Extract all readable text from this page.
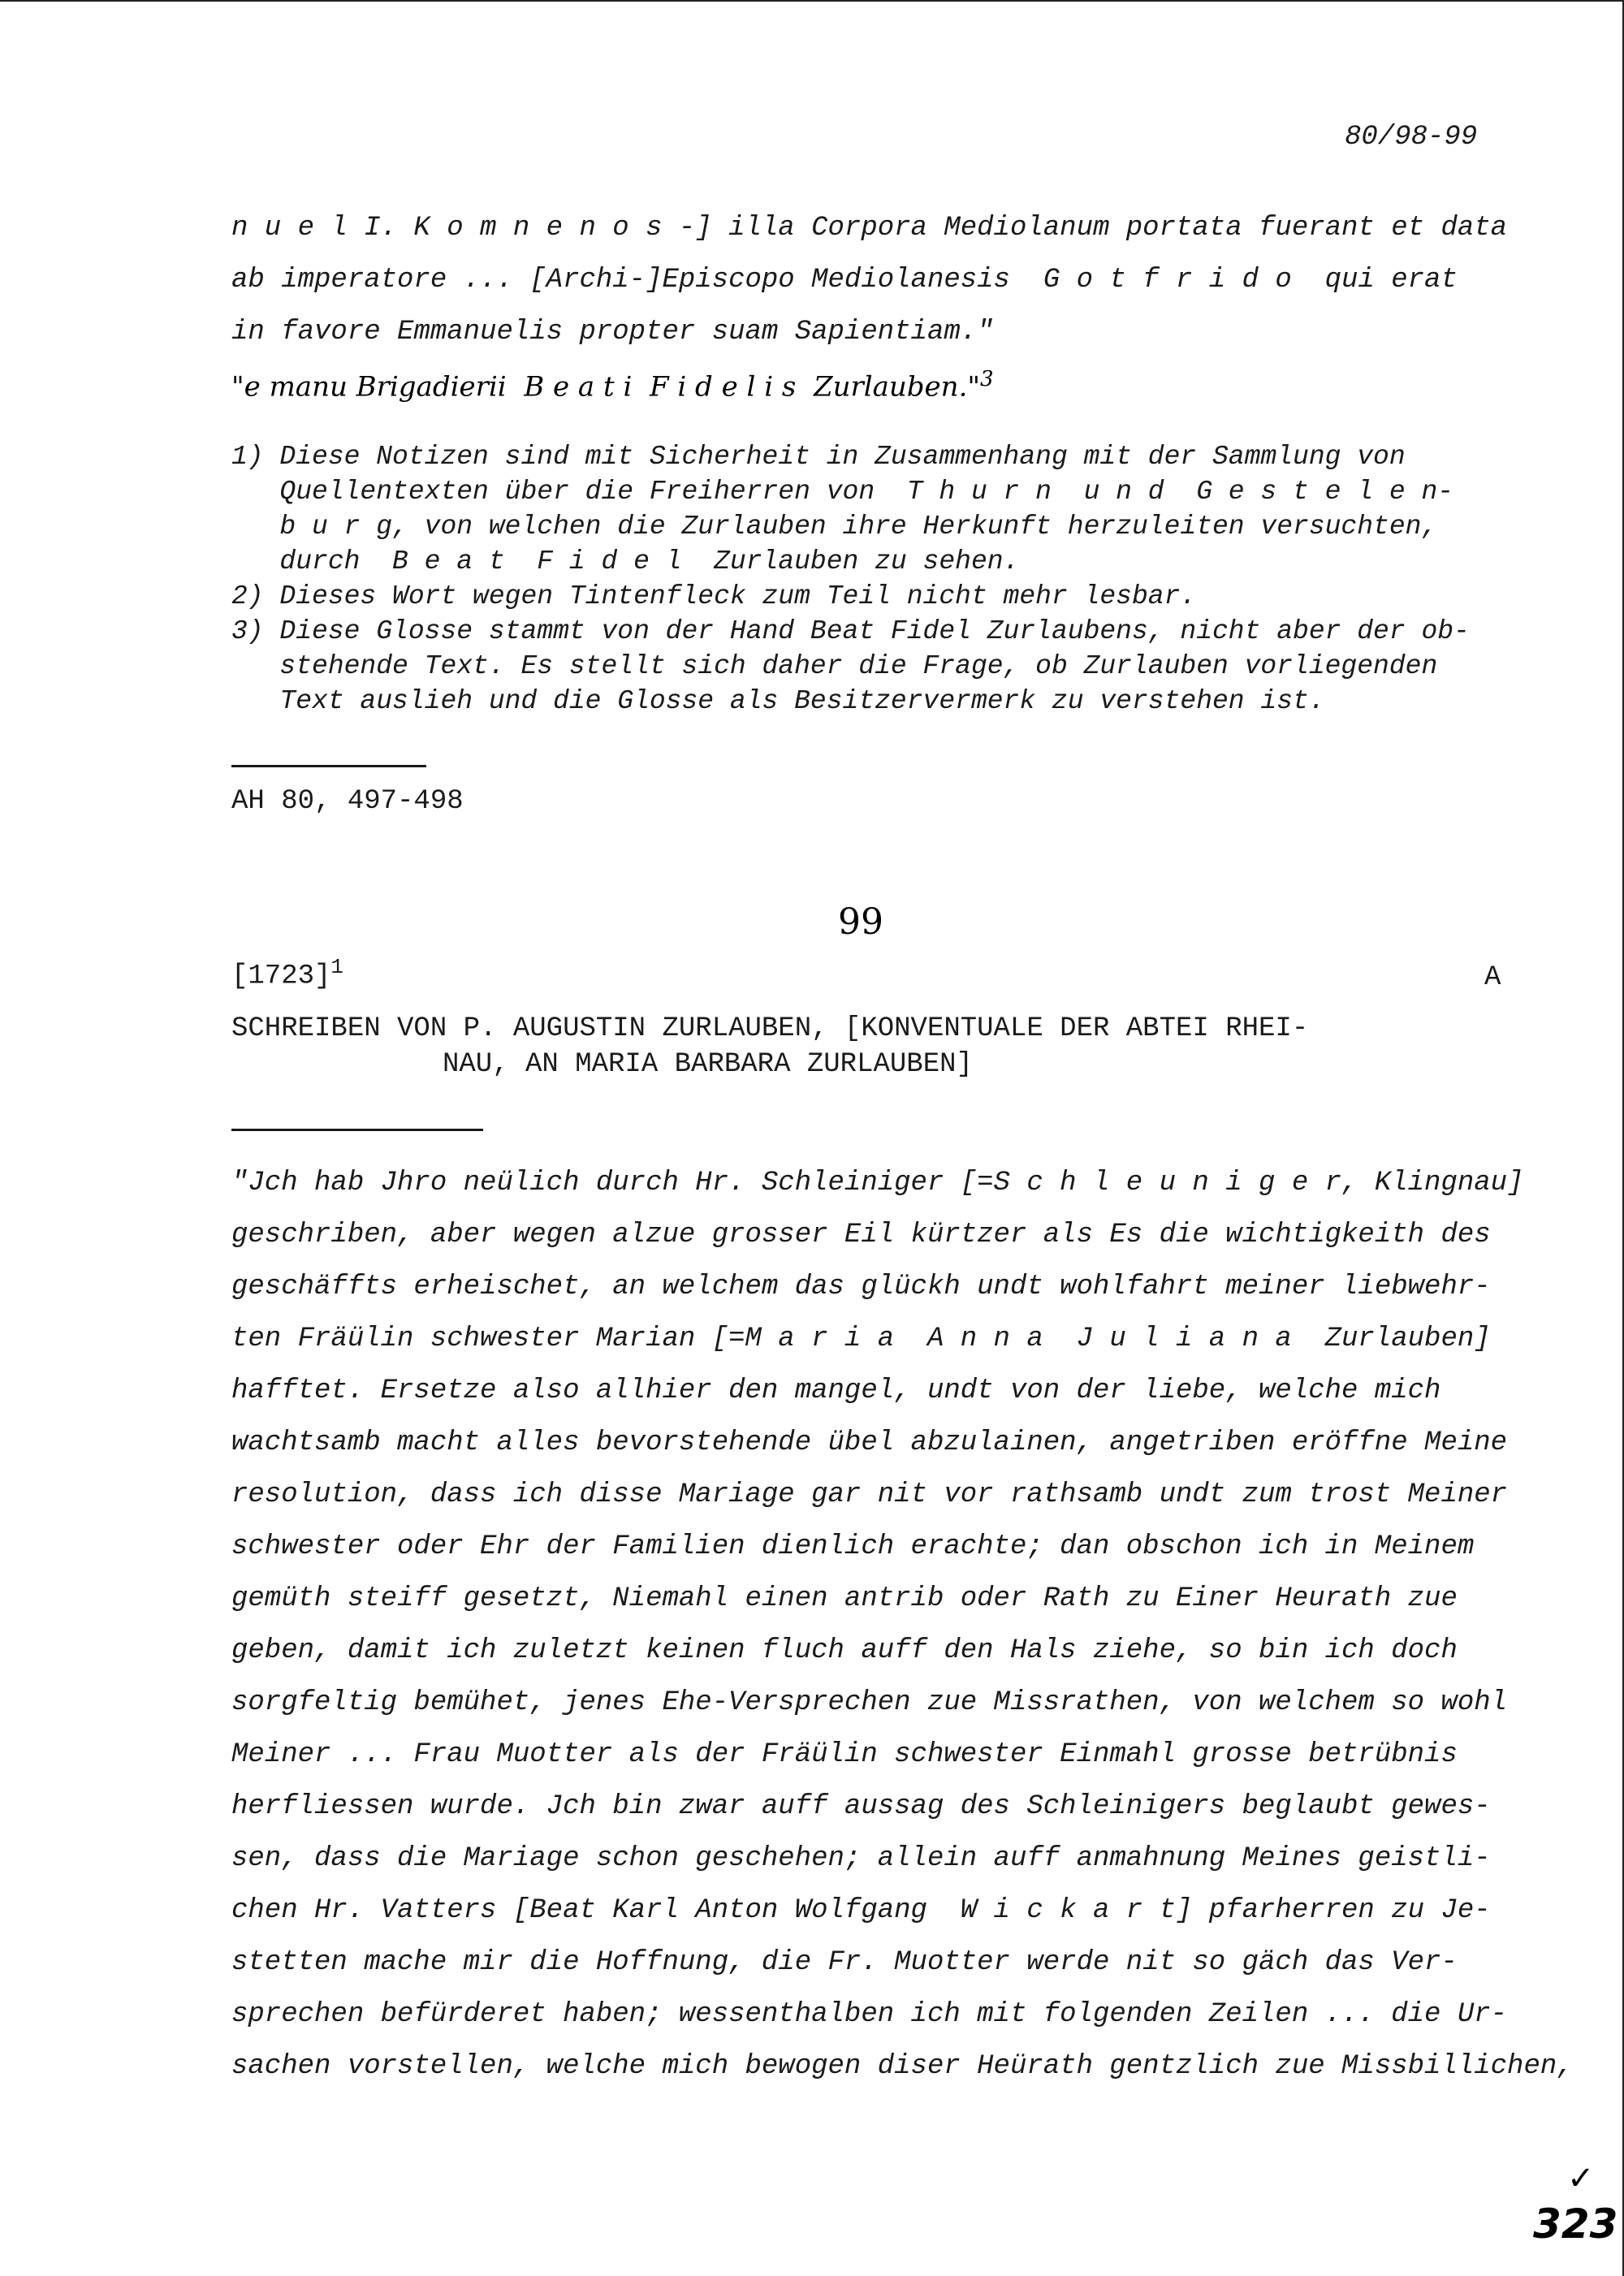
80/98-99
n u e l I. K o m n e n o s -] illa Corpora Mediolanum portata fuerant et data
ab imperatore ... [Archi-]Episcopo Mediolanesis  G o t f r i d o  qui erat
in favore Emmanuelis propter suam Sapientiam."
"e manu Brigadierii  B e a t i  F i d e l i s  Zurlauben."$^3$
1) Diese Notizen sind mit Sicherheit in Zusammenhang mit der Sammlung von
Quellentexten über die Freiherren von  T h u r n  u n d  G e s t e l e n-
b u r g, von welchen die Zurlauben ihre Herkunft herzuleiten versuchten,
durch  B e a t  F i d e l  Zurlauben zu sehen.
2) Dieses Wort wegen Tintenfleck zum Teil nicht mehr lesbar.
3) Diese Glosse stammt von der Hand Beat Fidel Zurlaubens, nicht aber der ob-
stehende Text. Es stellt sich daher die Frage, ob Zurlauben vorliegenden
Text auslieh und die Glosse als Besitzervermerk zu verstehen ist.
AH 80, 497-498
99
$[1723]^1$	A
SCHREIBEN VON P. AUGUSTIN ZURLAUBEN, [KONVENTUALE DER ABTEI RHEI-
NAU, AN MARIA BARBARA ZURLAUBEN]
"Jch hab Jhro neülich durch Hr. Schleiniger [=S c h l e u n i g e r, Klingnau]
geschriben, aber wegen alzue grosser Eil kürtzer als Es die wichtigkeith des
geschäffts erheischet, an welchem das glückh undt wohlfahrt meiner liebwehr-
ten Fräülin schwester Marian [=M a r i a  A n n a  J u l i a n a  Zurlauben]
hafftet. Ersetze also allhier den mangel, undt von der liebe, welche mich
wachtsamb macht alles bevorstehende übel abzulainen, angetriben eröffne Meine
resolution, dass ich disse Mariage gar nit vor rathsamb undt zum trost Meiner
schwester oder Ehr der Familien dienlich erachte; dan obschon ich in Meinem
gemüth steiff gesetzt, Niemahl einen antrib oder Rath zu Einer Heurath zue
geben, damit ich zuletzt keinen fluch auff den Hals ziehe, so bin ich doch
sorgfeltig bemühet, jenes Ehe-Versprechen zue Missrathen, von welchem so wohl
Meiner ... Frau Muotter als der Fräülin schwester Einmahl grosse betrübnis
herfliessen wurde. Jch bin zwar auff aussag des Schleinigers beglaubt gewes-
sen, dass die Mariage schon geschehen; allein auff anmahnung Meines geistli-
chen Hr. Vatters [Beat Karl Anton Wolfgang  W i c k a r t] pfarherren zu Je-
stetten mache mir die Hoffnung, die Fr. Muotter werde nit so gäch das Ver-
sprechen befürderet haben; wessenthalben ich mit folgenden Zeilen ... die Ur-
sachen vorstellen, welche mich bewogen diser Heürath gentzlich zue Missbillichen,
✓
323
